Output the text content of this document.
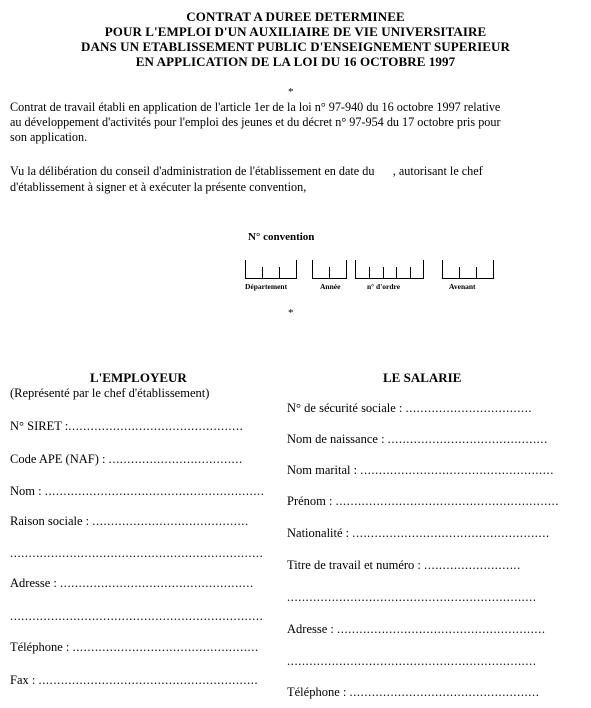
CONTRAT A DUREE DETERMINEE
POUR L'EMPLOI D'UN AUXILIAIRE DE VIE UNIVERSITAIRE
DANS UN ETABLISSEMENT PUBLIC D'ENSEIGNEMENT SUPERIEUR
EN APPLICATION DE LA LOI DU 16 OCTOBRE 1997
*
Contrat de travail établi en application de l'article 1er de la loi n° 97-940 du 16 octobre 1997 relative
au développement d'activités pour l'emploi des jeunes et du décret n° 97-954 du 17 octobre pris pour
son application.
Vu la délibération du conseil d'administration de l'établissement en date du      , autorisant le chef
d'établissement à signer et à exécuter la présente convention,
N° convention
Département	Année	n° d'ordre	Avenant
*
L'EMPLOYEUR
(Représenté par le chef d'établissement)
N° SIRET :...............................................
Code APE (NAF) : ....................................
Nom : ...........................................................
Raison sociale : ..........................................
....................................................................
Adresse : ....................................................
....................................................................
Téléphone : ..................................................
Fax : ...........................................................
LE SALARIE
N° de sécurité sociale : ..................................
Nom de naissance : ...........................................
Nom marital : ....................................................
Prénom : ............................................................
Nationalité : .....................................................
Titre de travail et numéro : ..........................
...................................................................
Adresse : ........................................................
...................................................................
Téléphone : ...................................................
